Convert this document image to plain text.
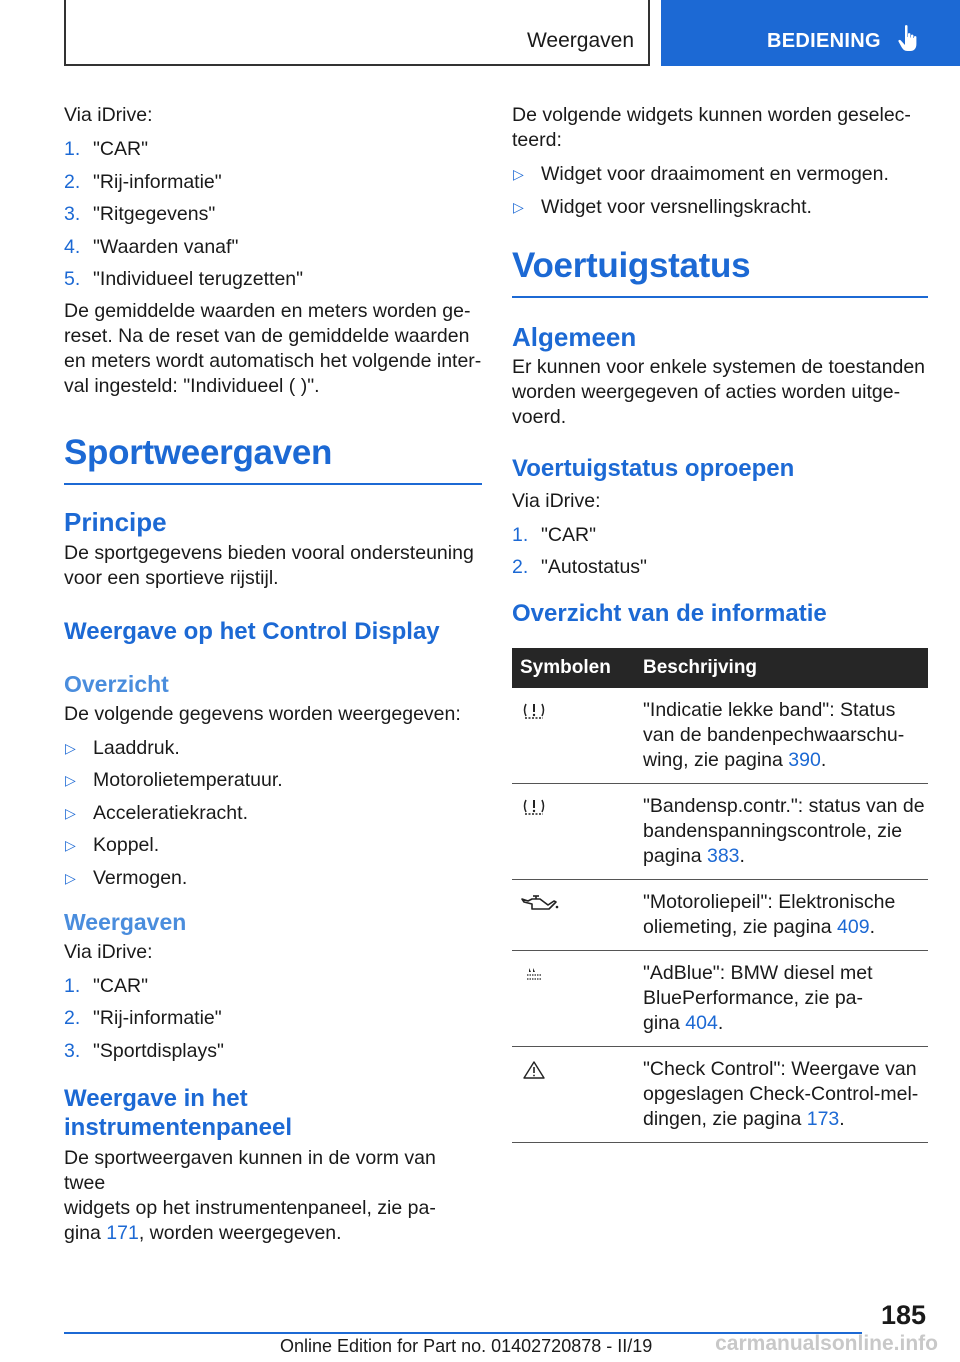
Weergaven	BEDIENING

Via iDrive:

1. "CAR"
2. "Rij-informatie"
3. "Ritgegevens"
4. "Waarden vanaf"
5. "Individueel terugzetten"

De gemiddelde waarden en meters worden ge‐
reset. Na de reset van de gemiddelde waarden
en meters wordt automatisch het volgende inter‐
val ingesteld: "Individueel ( )".

Sportweergaven
Principe

De sportgegevens bieden vooral ondersteuning
voor een sportieve rijstijl.

Weergave op het Control Display
Overzicht

De volgende gegevens worden weergegeven:

▷ Laaddruk.
▷ Motorolietemperatuur.
▷ Acceleratiekracht.
▷ Koppel.
▷ Vermogen.
Weergaven

Via iDrive:

1. "CAR"
2. "Rij-informatie"
3. "Sportdisplays"
Weergave in het
instrumentenpaneel

De sportweergaven kunnen in de vorm van twee
widgets op het instrumentenpaneel, zie pa‐
gina 171, worden weergegeven.

De volgende widgets kunnen worden geselec‐
teerd:

▷ Widget voor draaimoment en vermogen.
▷ Widget voor versnellingskracht.
Voertuigstatus
Algemeen

Er kunnen voor enkele systemen de toestanden
worden weergegeven of acties worden uitge‐
voerd.

Voertuigstatus oproepen

Via iDrive:

1. "CAR"
2. "Autostatus"
Overzicht van de informatie
Symbolen	Beschrijving
	"Indicatie lekke band": Status
van de bandenpechwaarschu‐
wing, zie pagina 390.
	"Bandensp.contr.": status van de
bandenspanningscontrole, zie
pagina 383.
	"Motoroliepeil": Elektronische
oliemeting, zie pagina 409.
	"AdBlue": BMW diesel met
BluePerformance, zie pa‐
gina 404.
	"Check Control": Weergave van
opgeslagen Check-Control-mel‐
dingen, zie pagina 173.
185
Online Edition for Part no. 01402720878 - II/19	carmanualsonline.info
